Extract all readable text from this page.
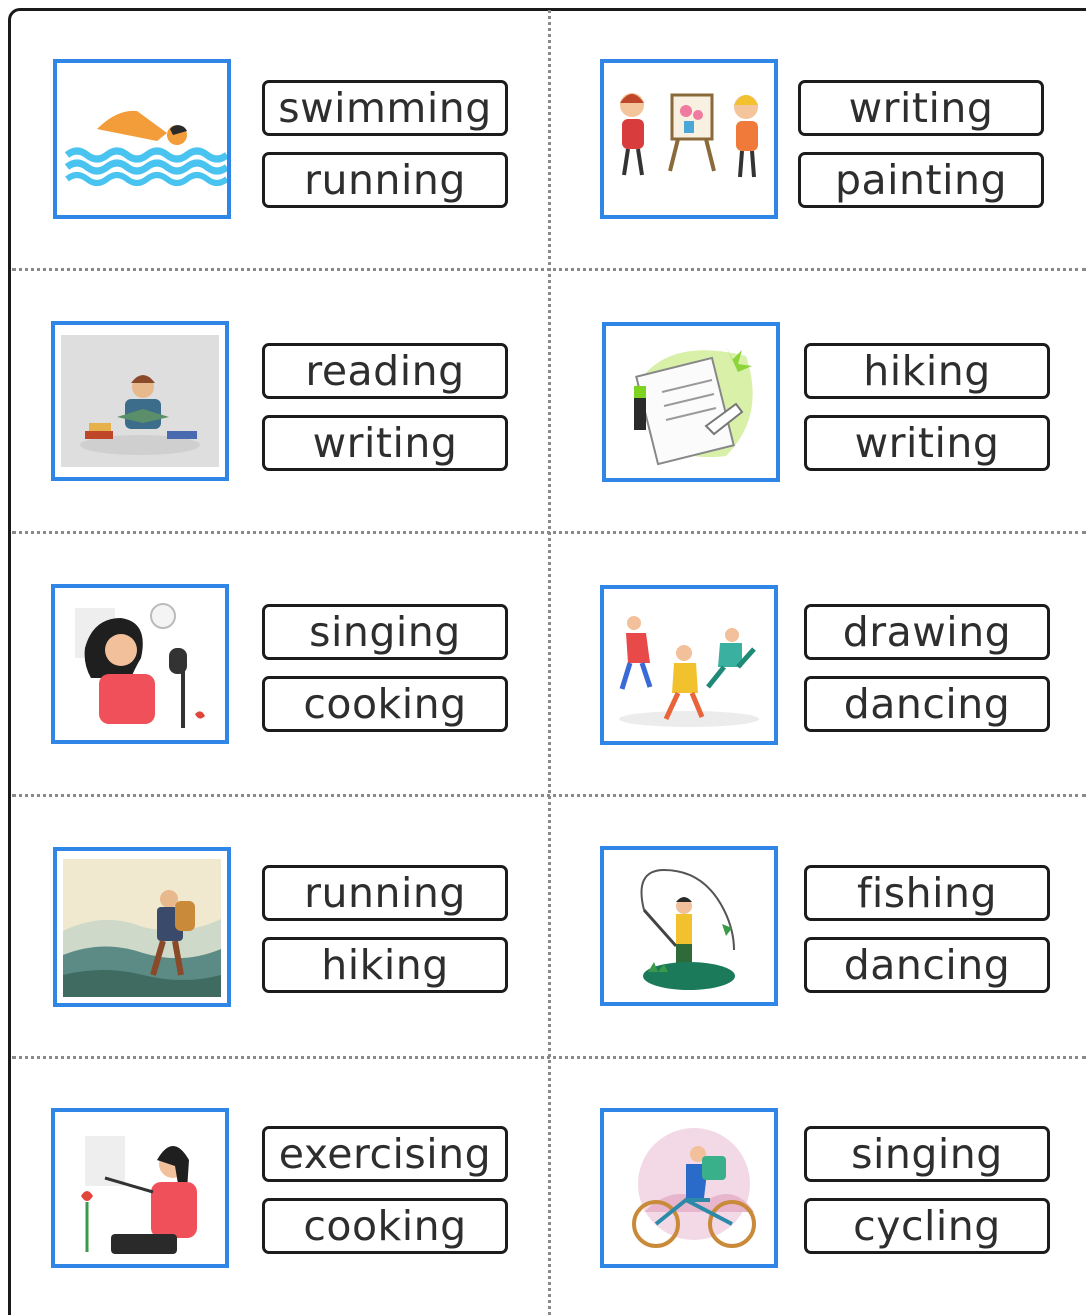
swimming
running
writing
painting
reading
writing
hiking
writing
singing
cooking
drawing
dancing
running
hiking
fishing
dancing
exercising
cooking
singing
cycling
